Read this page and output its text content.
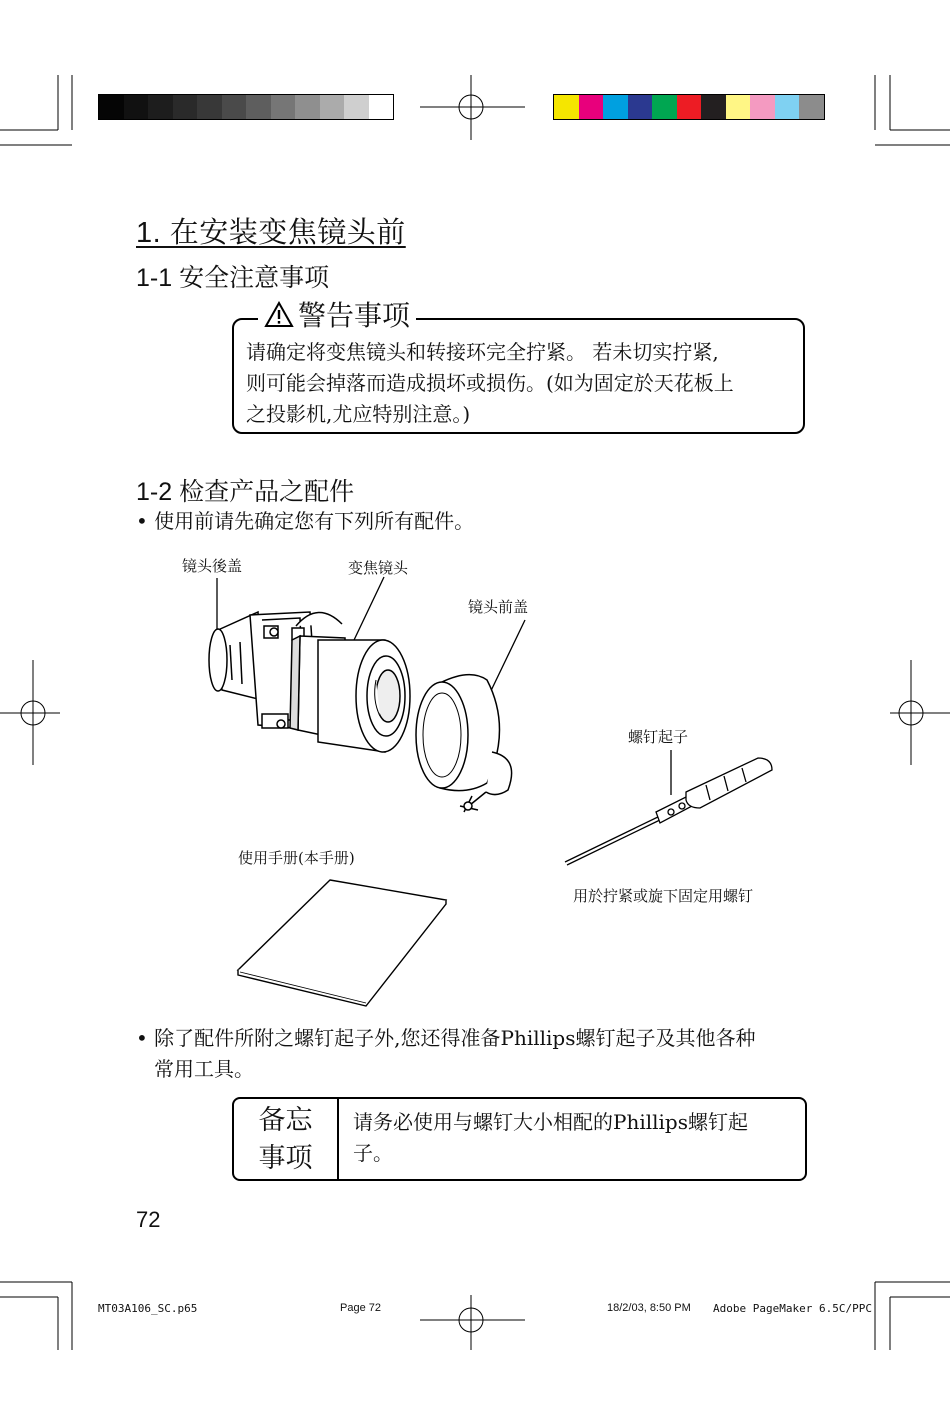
1. 在安装变焦镜头前
1-1 安全注意事项
警告事项
请确定将变焦镜头和转接环完全拧紧。 若未切实拧紧,
则可能会掉落而造成损坏或损伤。(如为固定於天花板上
之投影机,尤应特别注意。)
1-2 检查产品之配件
• 使用前请先确定您有下列所有配件。
镜头後盖	变焦镜头
镜头前盖
螺钉起子
使用手册(本手册)
用於拧紧或旋下固定用螺钉
• 除了配件所附之螺钉起子外,您还得准备Phillips螺钉起子及其他各种
常用工具。
备忘
事项
请务必使用与螺钉大小相配的Phillips螺钉起
子。
72
MT03A106_SC.p65	Page 72	18/2/03, 8:50 PM Adobe PageMaker 6.5C/PPC
